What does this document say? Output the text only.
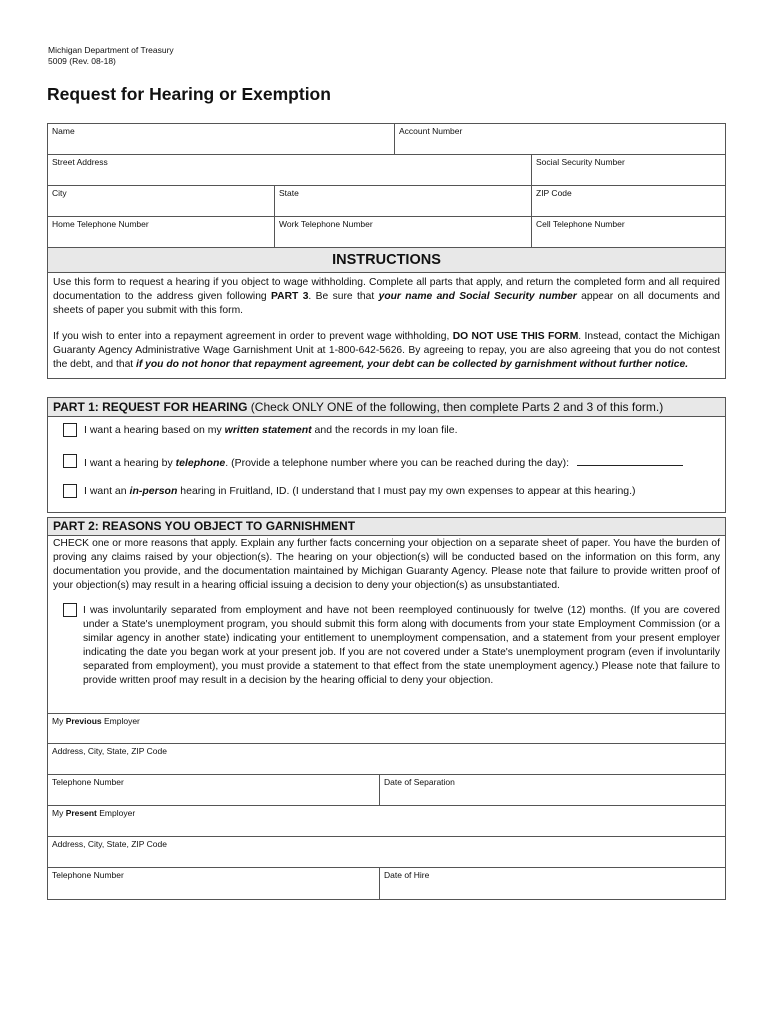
Michigan Department of Treasury
5009 (Rev. 08-18)
Request for Hearing or Exemption
Name	Account Number
Street Address	Social Security Number
City	State	ZIP Code
Home Telephone Number	Work Telephone Number	Cell Telephone Number
INSTRUCTIONS
Use this form to request a hearing if you object to wage withholding. Complete all parts that apply, and return the completed form and all required documentation to the address given following PART 3. Be sure that your name and Social Security number appear on all documents and sheets of paper you submit with this form.
If you wish to enter into a repayment agreement in order to prevent wage withholding, DO NOT USE THIS FORM. Instead, contact the Michigan Guaranty Agency Administrative Wage Garnishment Unit at 1-800-642-5626. By agreeing to repay, you are also agreeing that you do not contest the debt, and that if you do not honor that repayment agreement, your debt can be collected by garnishment without further notice.
PART 1: REQUEST FOR HEARING (Check ONLY ONE of the following, then complete Parts 2 and 3 of this form.)
I want a hearing based on my written statement and the records in my loan file.
I want a hearing by telephone. (Provide a telephone number where you can be reached during the day):
I want an in-person hearing in Fruitland, ID. (I understand that I must pay my own expenses to appear at this hearing.)
PART 2: REASONS YOU OBJECT TO GARNISHMENT
CHECK one or more reasons that apply. Explain any further facts concerning your objection on a separate sheet of paper. You have the burden of proving any claims raised by your objection(s). The hearing on your objection(s) will be conducted based on the information on this form, any documentation you provide, and the documentation maintained by Michigan Guaranty Agency. Please note that failure to provide written proof of your objection(s) may result in a hearing official issuing a decision to deny your objection(s) as unsubstantiated.
I was involuntarily separated from employment and have not been reemployed continuously for twelve (12) months. (If you are covered under a State's unemployment program, you should submit this form along with documents from your state Employment Commission (or a similar agency in another state) indicating your entitlement to unemployment compensation, and a statement from your present employer indicating the date you began work at your present job. If you are not covered under a State's unemployment program (even if involuntarily separated from employment), you must provide a statement to that effect from the state unemployment agency.) Please note that failure to provide written proof may result in a decision by the hearing official to deny your objection.
My Previous Employer
Address, City, State, ZIP Code
Telephone Number	Date of Separation
My Present Employer
Address, City, State, ZIP Code
Telephone Number	Date of Hire
